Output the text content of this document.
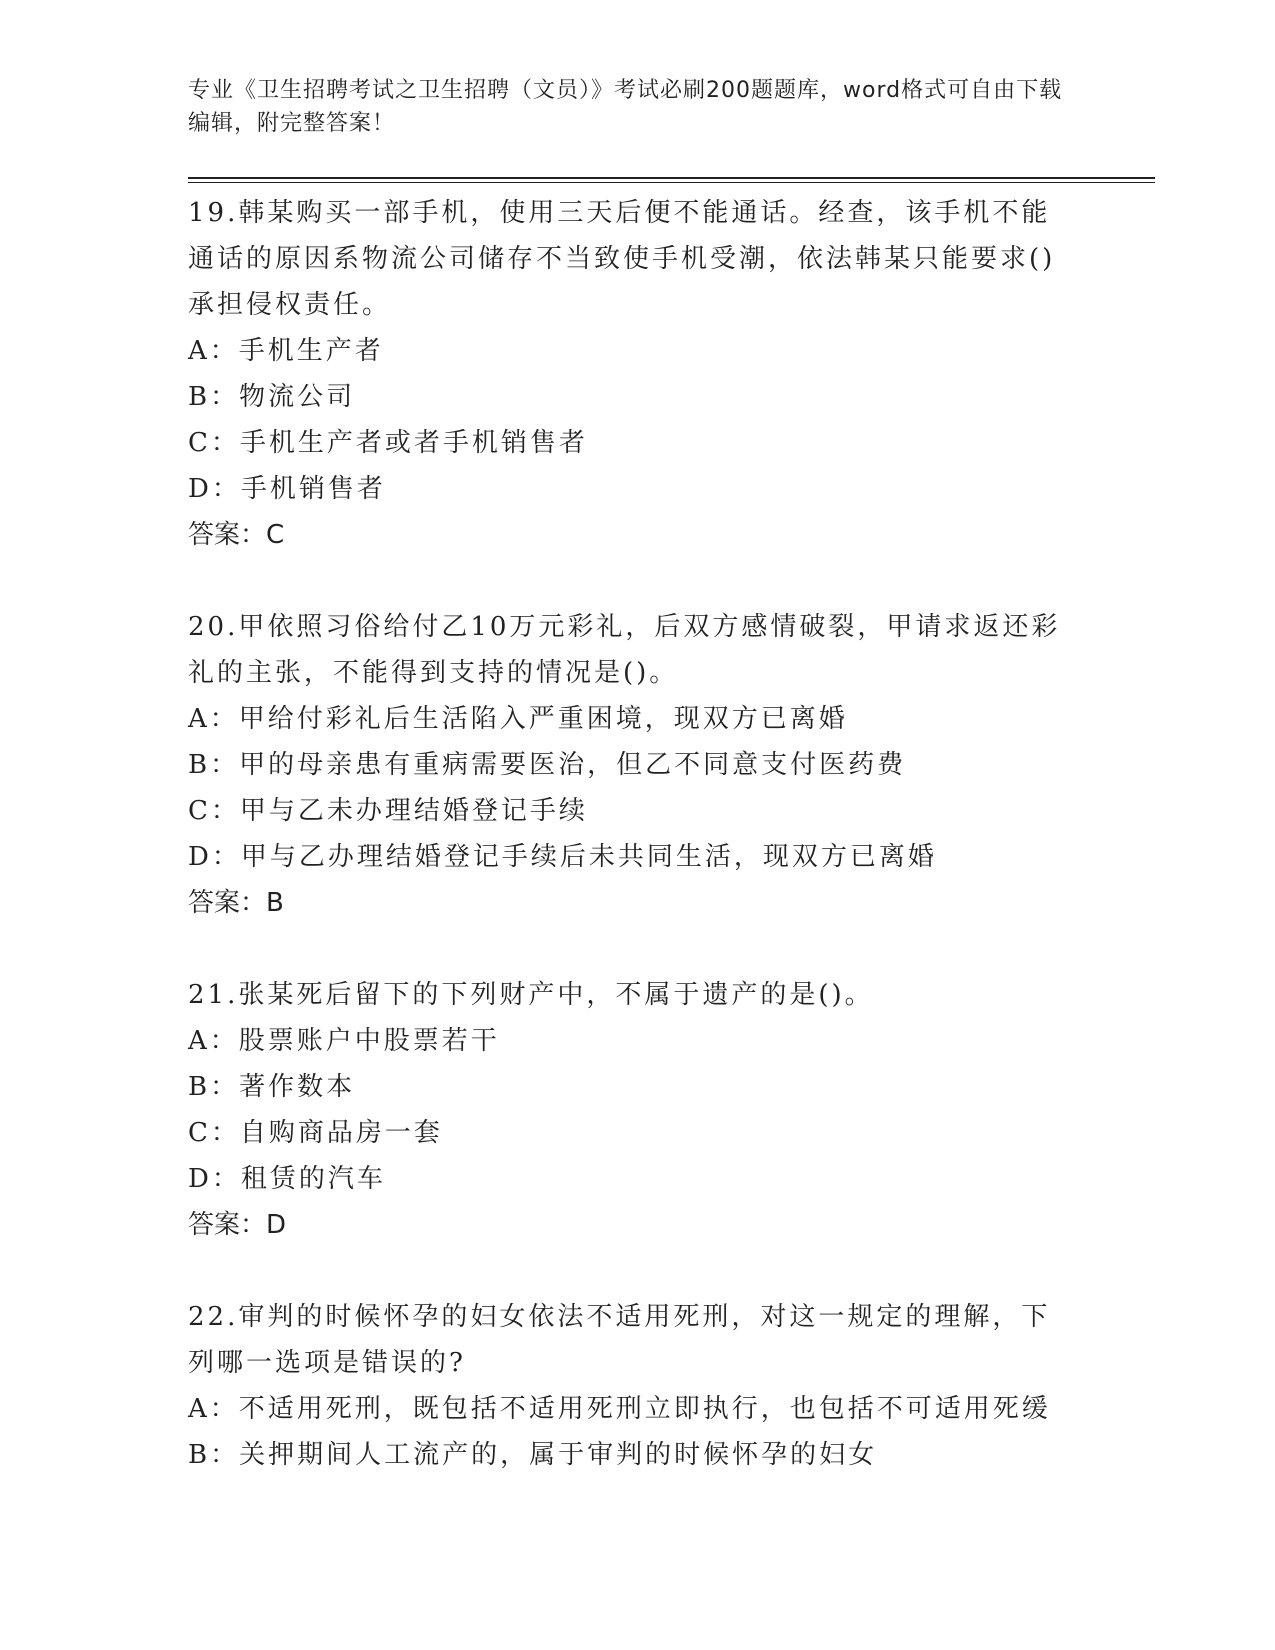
专业《卫生招聘考试之卫生招聘（文员）》考试必刷200题题库，word格式可自由下载编辑，附完整答案！

19.韩某购买一部手机，使用三天后便不能通话。经查，该手机不能通话的原因系物流公司储存不当致使手机受潮，依法韩某只能要求()承担侵权责任。

A：手机生产者

B：物流公司

C：手机生产者或者手机销售者

D：手机销售者

答案：C

20.甲依照习俗给付乙10万元彩礼，后双方感情破裂，甲请求返还彩礼的主张，不能得到支持的情况是()。

A：甲给付彩礼后生活陷入严重困境，现双方已离婚

B：甲的母亲患有重病需要医治，但乙不同意支付医药费

C：甲与乙未办理结婚登记手续

D：甲与乙办理结婚登记手续后未共同生活，现双方已离婚

答案：B

21.张某死后留下的下列财产中，不属于遗产的是()。

A：股票账户中股票若干

B：著作数本

C：自购商品房一套

D：租赁的汽车

答案：D

22.审判的时候怀孕的妇女依法不适用死刑，对这一规定的理解，下列哪一选项是错误的?

A：不适用死刑，既包括不适用死刑立即执行，也包括不可适用死缓

B：关押期间人工流产的，属于审判的时候怀孕的妇女
